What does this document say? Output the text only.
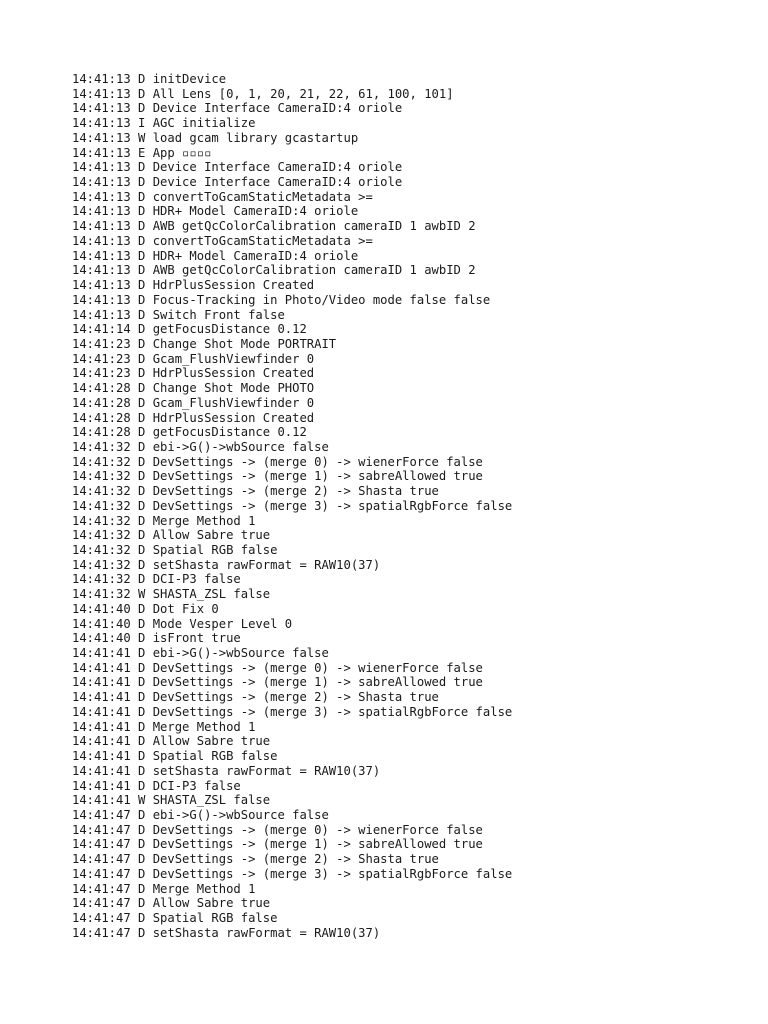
14:41:13 D initDevice
14:41:13 D All Lens [0, 1, 20, 21, 22, 61, 100, 101]
14:41:13 D Device Interface CameraID:4 oriole
14:41:13 I AGC initialize
14:41:13 W load gcam library gcastartup
14:41:13 E App ▫▫▫▫
14:41:13 D Device Interface CameraID:4 oriole
14:41:13 D Device Interface CameraID:4 oriole
14:41:13 D convertToGcamStaticMetadata >=
14:41:13 D HDR+ Model CameraID:4 oriole
14:41:13 D AWB getQcColorCalibration cameraID 1 awbID 2
14:41:13 D convertToGcamStaticMetadata >=
14:41:13 D HDR+ Model CameraID:4 oriole
14:41:13 D AWB getQcColorCalibration cameraID 1 awbID 2
14:41:13 D HdrPlusSession Created
14:41:13 D Focus-Tracking in Photo/Video mode false false
14:41:13 D Switch Front false
14:41:14 D getFocusDistance 0.12
14:41:23 D Change Shot Mode PORTRAIT
14:41:23 D Gcam_FlushViewfinder 0
14:41:23 D HdrPlusSession Created
14:41:28 D Change Shot Mode PHOTO
14:41:28 D Gcam_FlushViewfinder 0
14:41:28 D HdrPlusSession Created
14:41:28 D getFocusDistance 0.12
14:41:32 D ebi->G()->wbSource false
14:41:32 D DevSettings -> (merge 0) -> wienerForce false
14:41:32 D DevSettings -> (merge 1) -> sabreAllowed true
14:41:32 D DevSettings -> (merge 2) -> Shasta true
14:41:32 D DevSettings -> (merge 3) -> spatialRgbForce false
14:41:32 D Merge Method 1
14:41:32 D Allow Sabre true
14:41:32 D Spatial RGB false
14:41:32 D setShasta rawFormat = RAW10(37)
14:41:32 D DCI-P3 false
14:41:32 W SHASTA_ZSL false
14:41:40 D Dot Fix 0
14:41:40 D Mode Vesper Level 0
14:41:40 D isFront true
14:41:41 D ebi->G()->wbSource false
14:41:41 D DevSettings -> (merge 0) -> wienerForce false
14:41:41 D DevSettings -> (merge 1) -> sabreAllowed true
14:41:41 D DevSettings -> (merge 2) -> Shasta true
14:41:41 D DevSettings -> (merge 3) -> spatialRgbForce false
14:41:41 D Merge Method 1
14:41:41 D Allow Sabre true
14:41:41 D Spatial RGB false
14:41:41 D setShasta rawFormat = RAW10(37)
14:41:41 D DCI-P3 false
14:41:41 W SHASTA_ZSL false
14:41:47 D ebi->G()->wbSource false
14:41:47 D DevSettings -> (merge 0) -> wienerForce false
14:41:47 D DevSettings -> (merge 1) -> sabreAllowed true
14:41:47 D DevSettings -> (merge 2) -> Shasta true
14:41:47 D DevSettings -> (merge 3) -> spatialRgbForce false
14:41:47 D Merge Method 1
14:41:47 D Allow Sabre true
14:41:47 D Spatial RGB false
14:41:47 D setShasta rawFormat = RAW10(37)
